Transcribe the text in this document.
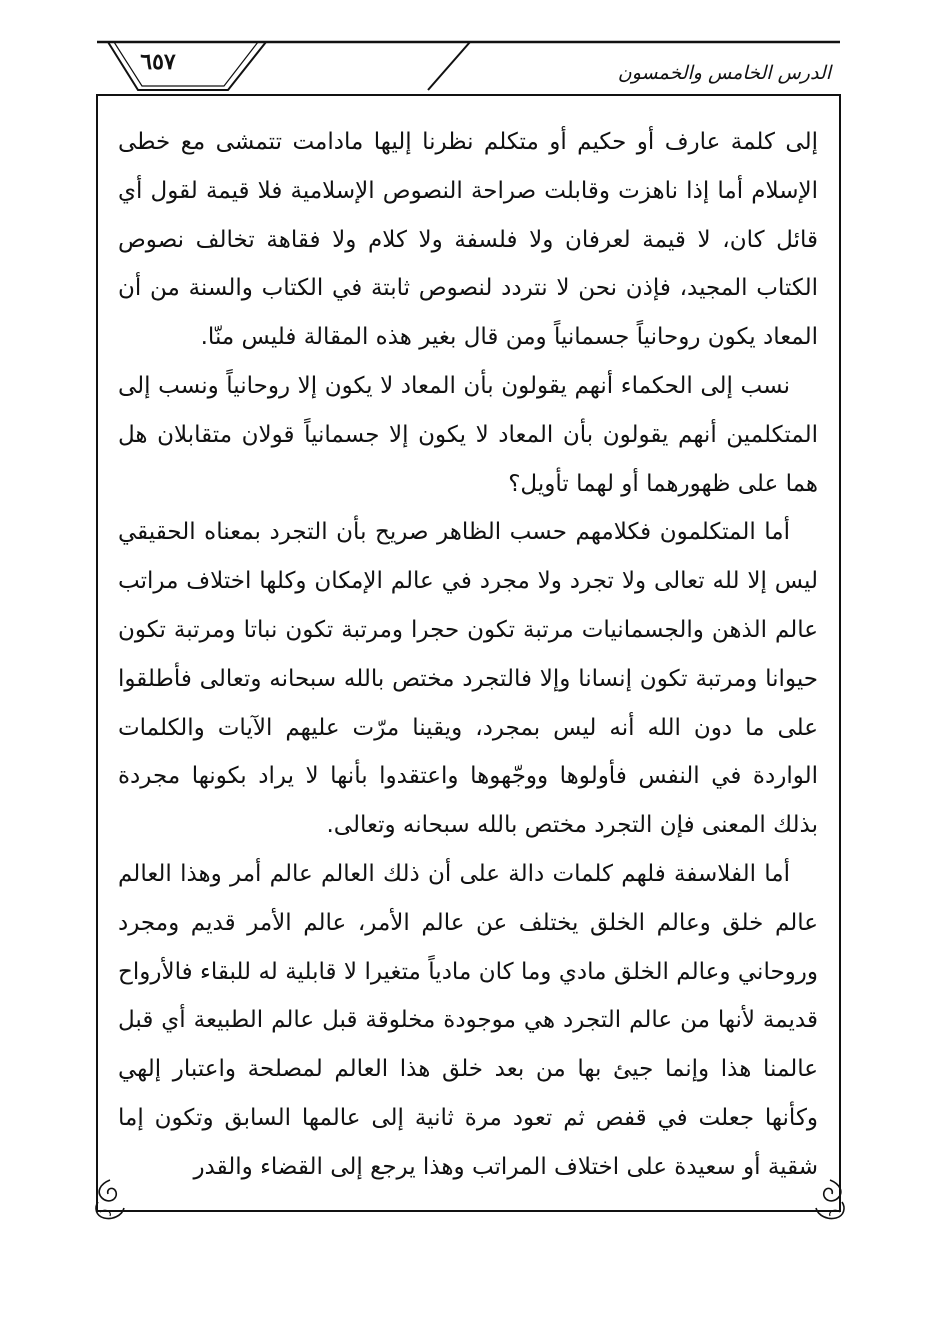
٦٥٧	الدرس الخامس والخمسون

إلى كلمة عارف أو حكيم أو متكلم نظرنا إليها مادامت تتمشى مع خطى الإسلام أما إذا ناهزت وقابلت صراحة النصوص الإسلامية فلا قيمة لقول أي قائل كان، لا قيمة لعرفان ولا فلسفة ولا كلام ولا فقاهة تخالف نصوص الكتاب المجيد، فإذن نحن لا نتردد لنصوص ثابتة في الكتاب والسنة من أن المعاد يكون روحانياً جسمانياً ومن قال بغير هذه المقالة فليس منّا.

نسب إلى الحكماء أنهم يقولون بأن المعاد لا يكون إلا روحانياً ونسب إلى المتكلمين أنهم يقولون بأن المعاد لا يكون إلا جسمانياً قولان متقابلان هل هما على ظهورهما أو لهما تأويل؟

أما المتكلمون فكلامهم حسب الظاهر صريح بأن التجرد بمعناه الحقيقي ليس إلا لله تعالى ولا تجرد ولا مجرد في عالم الإمكان وكلها اختلاف مراتب عالم الذهن والجسمانيات مرتبة تكون حجرا ومرتبة تكون نباتا ومرتبة تكون حيوانا ومرتبة تكون إنسانا وإلا فالتجرد مختص بالله سبحانه وتعالى فأطلقوا على ما دون الله أنه ليس بمجرد، ويقينا مرّت عليهم الآيات والكلمات الواردة في النفس فأولوها ووجّهوها واعتقدوا بأنها لا يراد بكونها مجردة بذلك المعنى فإن التجرد مختص بالله سبحانه وتعالى.

أما الفلاسفة فلهم كلمات دالة على أن ذلك العالم عالم أمر وهذا العالم عالم خلق وعالم الخلق يختلف عن عالم الأمر، عالم الأمر قديم ومجرد وروحاني وعالم الخلق مادي وما كان مادياً متغيرا لا قابلية له للبقاء فالأرواح قديمة لأنها من عالم التجرد هي موجودة مخلوقة قبل عالم الطبيعة أي قبل عالمنا هذا وإنما جيئ بها من بعد خلق هذا العالم لمصلحة واعتبار إلهي وكأنها جعلت في قفص ثم تعود مرة ثانية إلى عالمها السابق وتكون إما شقية أو سعيدة على اختلاف المراتب وهذا يرجع إلى القضاء والقدر
